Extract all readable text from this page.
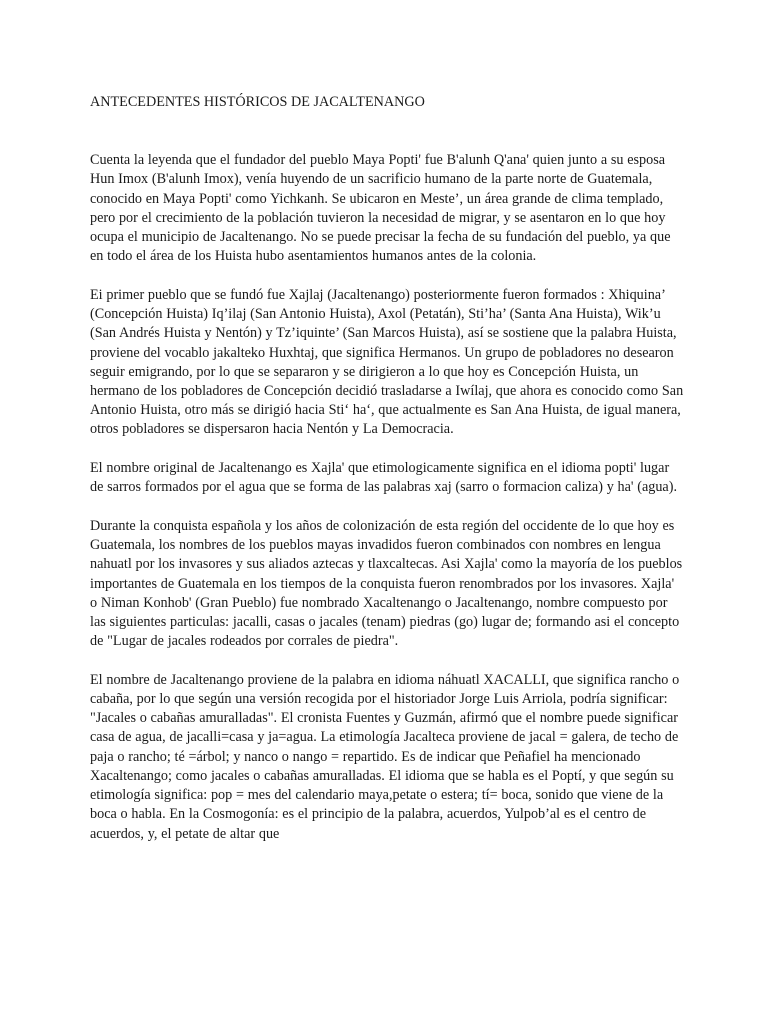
ANTECEDENTES HISTÓRICOS DE JACALTENANGO

Cuenta la leyenda que el fundador del pueblo Maya Popti' fue B'alunh Q'ana' quien junto a su esposa Hun Imox (B'alunh Imox), venía huyendo de un sacrificio humano de la parte norte de Guatemala, conocido en Maya Popti' como Yichkanh. Se ubicaron en Meste’, un área grande de clima templado, pero por el crecimiento de la población tuvieron la necesidad de migrar, y se asentaron en lo que hoy ocupa el municipio de Jacaltenango. No se puede precisar la fecha de su fundación del pueblo, ya que en todo el área de los Huista hubo asentamientos humanos antes de la colonia.

Ei primer pueblo que se fundó fue Xajlaj (Jacaltenango) posteriormente fueron formados : Xhiquina’ (Concepción Huista) Iq’ilaj (San Antonio Huista), Axol (Petatán), Sti’ha’ (Santa Ana Huista), Wik’u (San Andrés Huista y Nentón) y Tz’iquinte’ (San Marcos Huista), así se sostiene que la palabra Huista, proviene del vocablo jakalteko Huxhtaj, que significa Hermanos. Un grupo de pobladores no desearon seguir emigrando, por lo que se separaron y se dirigieron a lo que hoy es Concepción Huista, un hermano de los pobladores de Concepción decidió trasladarse a Iwílaj, que ahora es conocido como San Antonio Huista, otro más se dirigió hacia Sti‘ ha‘, que actualmente es San Ana Huista, de igual manera, otros pobladores se dispersaron hacia Nentón y La Democracia.

El nombre original de Jacaltenango es Xajla' que etimologicamente significa en el idioma popti' lugar de sarros formados por el agua que se forma de las palabras xaj (sarro o formacion caliza) y ha' (agua).

Durante la conquista española y los años de colonización de esta región del occidente de lo que hoy es Guatemala, los nombres de los pueblos mayas invadidos fueron combinados con nombres en lengua nahuatl por los invasores y sus aliados aztecas y tlaxcaltecas. Asi Xajla' como la mayoría de los pueblos importantes de Guatemala en los tiempos de la conquista fueron renombrados por los invasores. Xajla' o Niman Konhob' (Gran Pueblo) fue nombrado Xacaltenango o Jacaltenango, nombre compuesto por las siguientes particulas: jacalli, casas o jacales (tenam) piedras (go) lugar de; formando asi el concepto de "Lugar de jacales rodeados por corrales de piedra".

El nombre de Jacaltenango proviene de la palabra en idioma náhuatl XACALLI, que significa rancho o cabaña, por lo que según una versión recogida por el historiador Jorge Luis Arriola, podría significar: "Jacales o cabañas amuralladas". El cronista Fuentes y Guzmán, afirmó que el nombre puede significar casa de agua, de jacalli=casa y ja=agua. La etimología Jacalteca proviene de jacal = galera, de techo de paja o rancho; té =árbol; y nanco o nango = repartido. Es de indicar que Peñafiel ha mencionado Xacaltenango; como jacales o cabañas amuralladas. El idioma que se habla es el Poptí, y que según su etimología significa: pop = mes del calendario maya,petate o estera; tí= boca, sonido que viene de la boca o habla. En la Cosmogonía: es el principio de la palabra, acuerdos, Yulpob’al es el centro de acuerdos, y, el petate de altar que
